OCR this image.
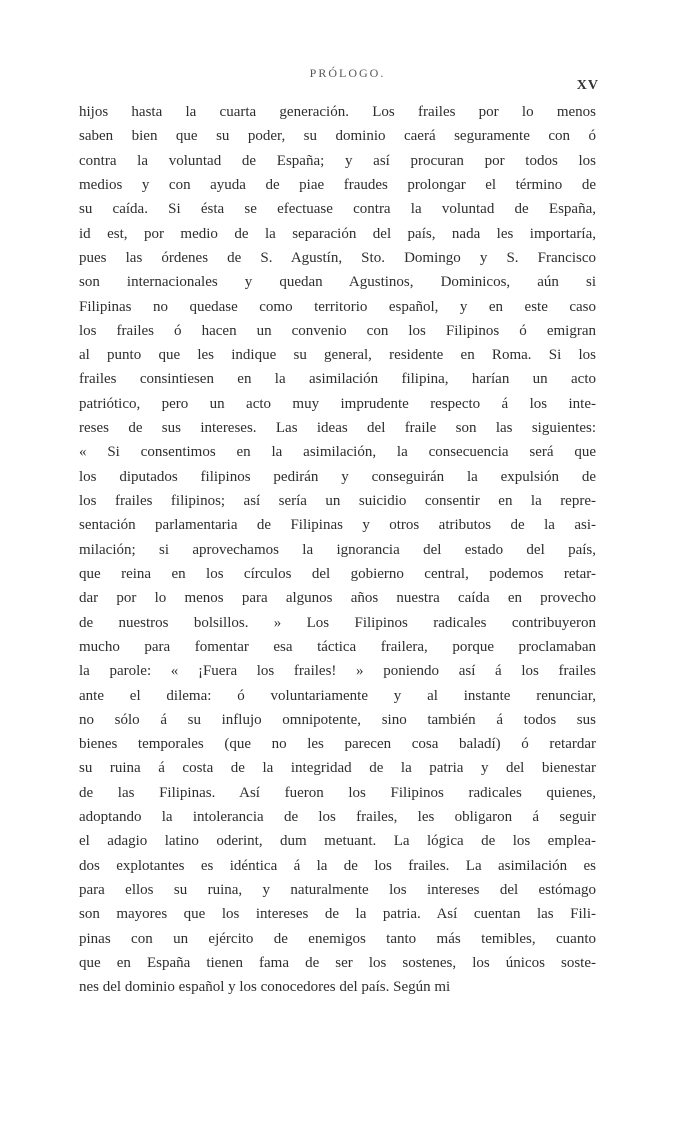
PRÓLOGO.
XV
hijos hasta la cuarta generación. Los frailes por lo menos
saben bien que su poder, su dominio caerá seguramente con ó
contra la voluntad de España; y así procuran por todos los
medios y con ayuda de piae fraudes prolongar el término de
su caída. Si ésta se efectuase contra la voluntad de España,
id est, por medio de la separación del país, nada les importaría,
pues las órdenes de S. Agustín, Sto. Domingo y S. Francisco
son internacionales y quedan Agustinos, Dominicos, aún si
Filipinas no quedase como territorio español, y en este caso
los frailes ó hacen un convenio con los Filipinos ó emigran
al punto que les indique su general, residente en Roma. Si los
frailes consintiesen en la asimilación filipina, harían un acto
patriótico, pero un acto muy imprudente respecto á los inte-
reses de sus intereses. Las ideas del fraile son las siguientes:
« Si consentimos en la asimilación, la consecuencia será que
los diputados filipinos pedirán y conseguirán la expulsión de
los frailes filipinos; así sería un suicidio consentir en la repre-
sentación parlamentaria de Filipinas y otros atributos de la asi-
milación; si aprovechamos la ignorancia del estado del país,
que reina en los círculos del gobierno central, podemos retar-
dar por lo menos para algunos años nuestra caída en provecho
de nuestros bolsillos. » Los Filipinos radicales contribuyeron
mucho para fomentar esa táctica frailera, porque proclamaban
la parole: « ¡Fuera los frailes! » poniendo así á los frailes
ante el dilema: ó voluntariamente y al instante renunciar,
no sólo á su influjo omnipotente, sino también á todos sus
bienes temporales (que no les parecen cosa baladí) ó retardar
su ruina á costa de la integridad de la patria y del bienestar
de las Filipinas. Así fueron los Filipinos radicales quienes,
adoptando la intolerancia de los frailes, les obligaron á seguir
el adagio latino oderint, dum metuant. La lógica de los emplea-
dos explotantes es idéntica á la de los frailes. La asimilación es
para ellos su ruina, y naturalmente los intereses del estómago
son mayores que los intereses de la patria. Así cuentan las Fili-
pinas con un ejército de enemigos tanto más temibles, cuanto
que en España tienen fama de ser los sostenes, los únicos soste-
nes del dominio español y los conocedores del país. Según mi
